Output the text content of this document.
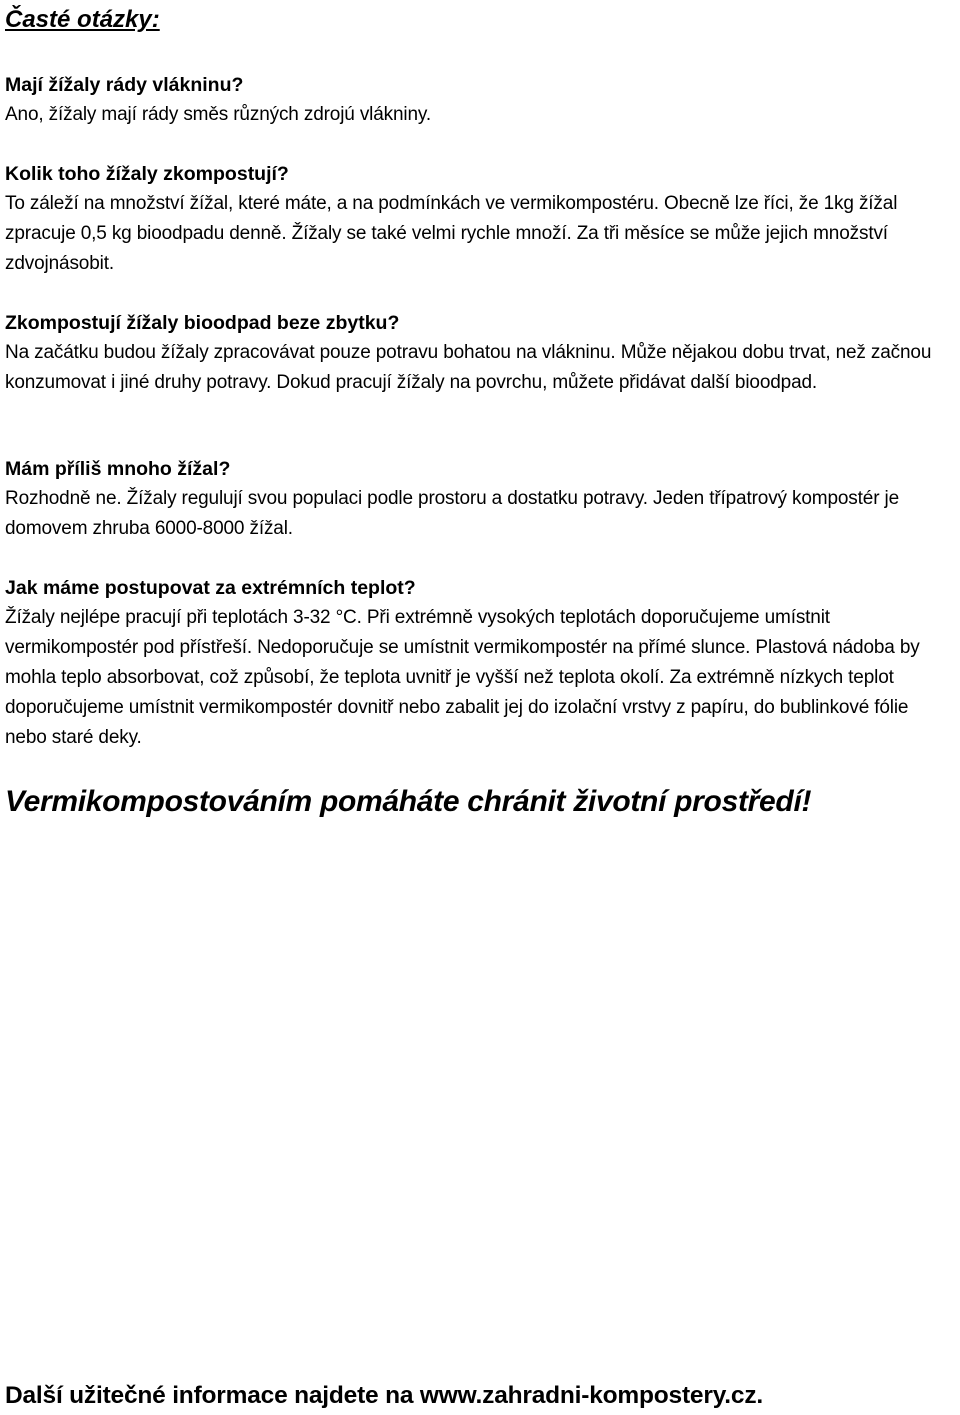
Časté otázky:

Mají žížaly rády vlákninu?

Ano, žížaly mají rády směs různých zdrojú vlákniny.

Kolik toho žížaly zkompostují?

To záleží na množství žížal, které máte, a na podmínkách ve vermikompostéru. Obecně lze říci, že 1kg žížal zpracuje 0,5 kg bioodpadu denně. Žížaly se také velmi rychle množí. Za tři měsíce se může jejich množství zdvojnásobit.

Zkompostují žížaly bioodpad beze zbytku?

Na začátku budou žížaly zpracovávat pouze potravu bohatou na vlákninu. Může nějakou dobu trvat, než začnou konzumovat i jiné druhy potravy. Dokud pracují žížaly na povrchu, můžete přidávat další bioodpad.

Mám příliš mnoho žížal?

Rozhodně ne. Žížaly regulují svou populaci podle prostoru a dostatku potravy. Jeden třípatrový kompostér je domovem zhruba 6000-8000 žížal.

Jak máme postupovat za extrémních teplot?

Žížaly nejlépe pracují při teplotách 3-32 °C. Při extrémně vysokých teplotách doporučujeme umístnit vermikompostér pod přístřeší. Nedoporučuje se umístnit vermikompostér na přímé slunce. Plastová nádoba by mohla teplo absorbovat, což způsobí, že teplota uvnitř je vyšší než teplota okolí. Za extrémně nízkych teplot doporučujeme umístnit vermikompostér dovnitř nebo zabalit jej do izolační vrstvy z papíru, do bublinkové fólie nebo staré deky.

Vermikompostováním pomáháte chránit životní prostředí!

Další užitečné informace najdete na www.zahradni-kompostery.cz.
